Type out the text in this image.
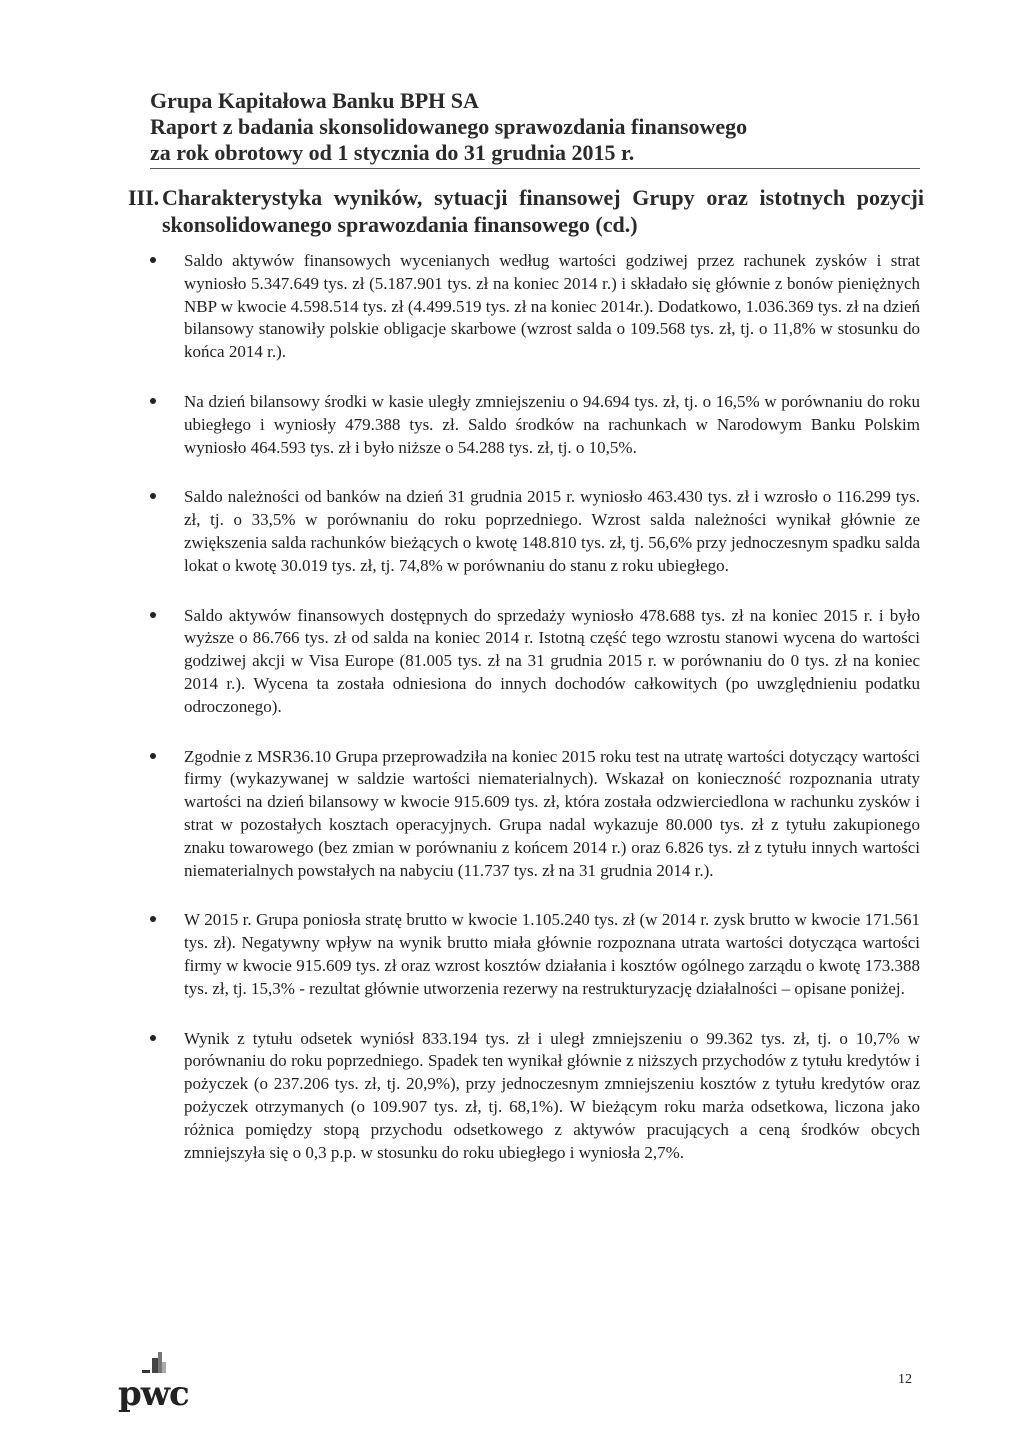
Grupa Kapitałowa Banku BPH SA
Raport z badania skonsolidowanego sprawozdania finansowego
za rok obrotowy od 1 stycznia do 31 grudnia 2015 r.
III. Charakterystyka wyników, sytuacji finansowej Grupy oraz istotnych pozycji skonsolidowanego sprawozdania finansowego (cd.)
Saldo aktywów finansowych wycenianych według wartości godziwej przez rachunek zysków i strat wyniosło 5.347.649 tys. zł (5.187.901 tys. zł na koniec 2014 r.) i składało się głównie z bonów pieniężnych NBP w kwocie 4.598.514 tys. zł (4.499.519 tys. zł na koniec 2014r.). Dodatkowo, 1.036.369 tys. zł na dzień bilansowy stanowiły polskie obligacje skarbowe (wzrost salda o 109.568 tys. zł, tj. o 11,8% w stosunku do końca 2014 r.).
Na dzień bilansowy środki w kasie uległy zmniejszeniu o 94.694 tys. zł, tj. o 16,5% w porównaniu do roku ubiegłego i wyniosły 479.388 tys. zł. Saldo środków na rachunkach w Narodowym Banku Polskim wyniosło 464.593 tys. zł i było niższe o 54.288 tys. zł, tj. o 10,5%.
Saldo należności od banków na dzień 31 grudnia 2015 r. wyniosło 463.430 tys. zł i wzrosło o 116.299 tys. zł, tj. o 33,5% w porównaniu do roku poprzedniego. Wzrost salda należności wynikał głównie ze zwiększenia salda rachunków bieżących o kwotę 148.810 tys. zł, tj. 56,6% przy jednoczesnym spadku salda lokat o kwotę 30.019 tys. zł, tj. 74,8% w porównaniu do stanu z roku ubiegłego.
Saldo aktywów finansowych dostępnych do sprzedaży wyniosło 478.688 tys. zł na koniec 2015 r. i było wyższe o 86.766 tys. zł od salda na koniec 2014 r. Istotną część tego wzrostu stanowi wycena do wartości godziwej akcji w Visa Europe (81.005 tys. zł na 31 grudnia 2015 r. w porównaniu do 0 tys. zł na koniec 2014 r.). Wycena ta została odniesiona do innych dochodów całkowitych (po uwzględnieniu podatku odroczonego).
Zgodnie z MSR36.10 Grupa przeprowadziła na koniec 2015 roku test na utratę wartości dotyczący wartości firmy (wykazywanej w saldzie wartości niematerialnych). Wskazał on konieczność rozpoznania utraty wartości na dzień bilansowy w kwocie 915.609 tys. zł, która została odzwierciedlona w rachunku zysków i strat w pozostałych kosztach operacyjnych. Grupa nadal wykazuje 80.000 tys. zł z tytułu zakupionego znaku towarowego (bez zmian w porównaniu z końcem 2014 r.) oraz 6.826 tys. zł z tytułu innych wartości niematerialnych powstałych na nabyciu (11.737 tys. zł na 31 grudnia 2014 r.).
W 2015 r. Grupa poniosła stratę brutto w kwocie 1.105.240 tys. zł (w 2014 r. zysk brutto w kwocie 171.561 tys. zł). Negatywny wpływ na wynik brutto miała głównie rozpoznana utrata wartości dotycząca wartości firmy w kwocie 915.609 tys. zł oraz wzrost kosztów działania i kosztów ogólnego zarządu o kwotę 173.388 tys. zł, tj. 15,3% - rezultat głównie utworzenia rezerwy na restrukturyzację działalności – opisane poniżej.
Wynik z tytułu odsetek wyniósł 833.194 tys. zł i uległ zmniejszeniu o 99.362 tys. zł, tj. o 10,7% w porównaniu do roku poprzedniego. Spadek ten wynikał głównie z niższych przychodów z tytułu kredytów i pożyczek (o 237.206 tys. zł, tj. 20,9%), przy jednoczesnym zmniejszeniu kosztów z tytułu kredytów oraz pożyczek otrzymanych (o 109.907 tys. zł, tj. 68,1%). W bieżącym roku marża odsetkowa, liczona jako różnica pomiędzy stopą przychodu odsetkowego z aktywów pracujących a ceną środków obcych zmniejszyła się o 0,3 p.p. w stosunku do roku ubiegłego i wyniosła 2,7%.
pwc	12
